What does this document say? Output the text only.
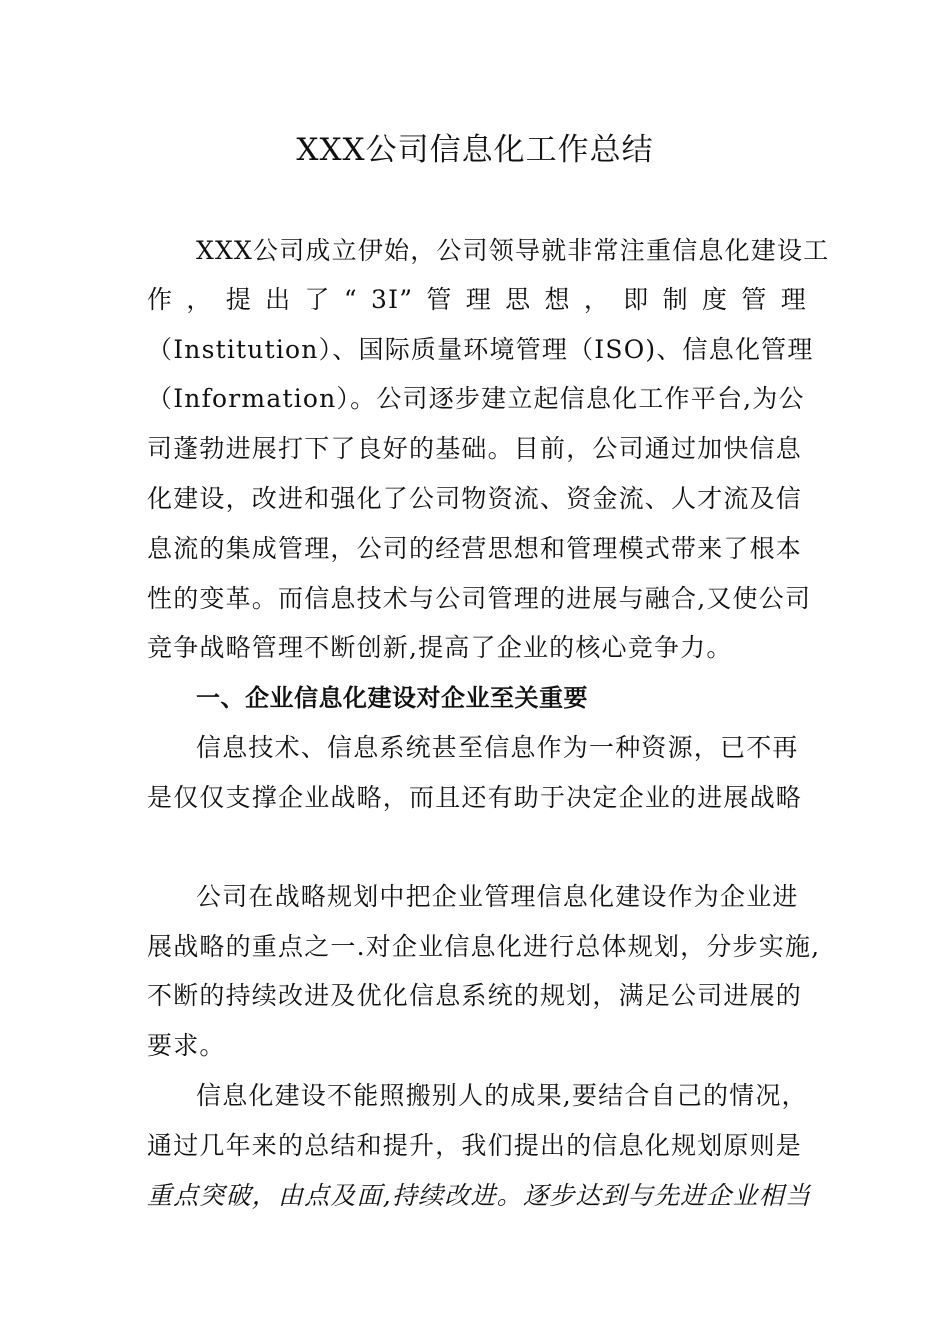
XXX公司信息化工作总结
XXX公司成立伊始，公司领导就非常注重信息化建设工
作 ， 提 出 了 “ 3I” 管 理 思 想 ， 即 制 度 管 理
（Institution）、国际质量环境管理（ISO)、信息化管理
（Information）。公司逐步建立起信息化工作平台,为公
司蓬勃进展打下了良好的基础。目前，公司通过加快信息
化建设，改进和强化了公司物资流、资金流、人才流及信
息流的集成管理，公司的经营思想和管理模式带来了根本
性的变革。而信息技术与公司管理的进展与融合,又使公司
竞争战略管理不断创新,提高了企业的核心竞争力。
一、企业信息化建设对企业至关重要
信息技术、信息系统甚至信息作为一种资源，已不再
是仅仅支撑企业战略，而且还有助于决定企业的进展战略
公司在战略规划中把企业管理信息化建设作为企业进
展战略的重点之一.对企业信息化进行总体规划，分步实施,
不断的持续改进及优化信息系统的规划，满足公司进展的
要求。
信息化建设不能照搬别人的成果,要结合自己的情况，
通过几年来的总结和提升，我们提出的信息化规划原则是
重点突破，由点及面,持续改进。逐步达到与先进企业相当
